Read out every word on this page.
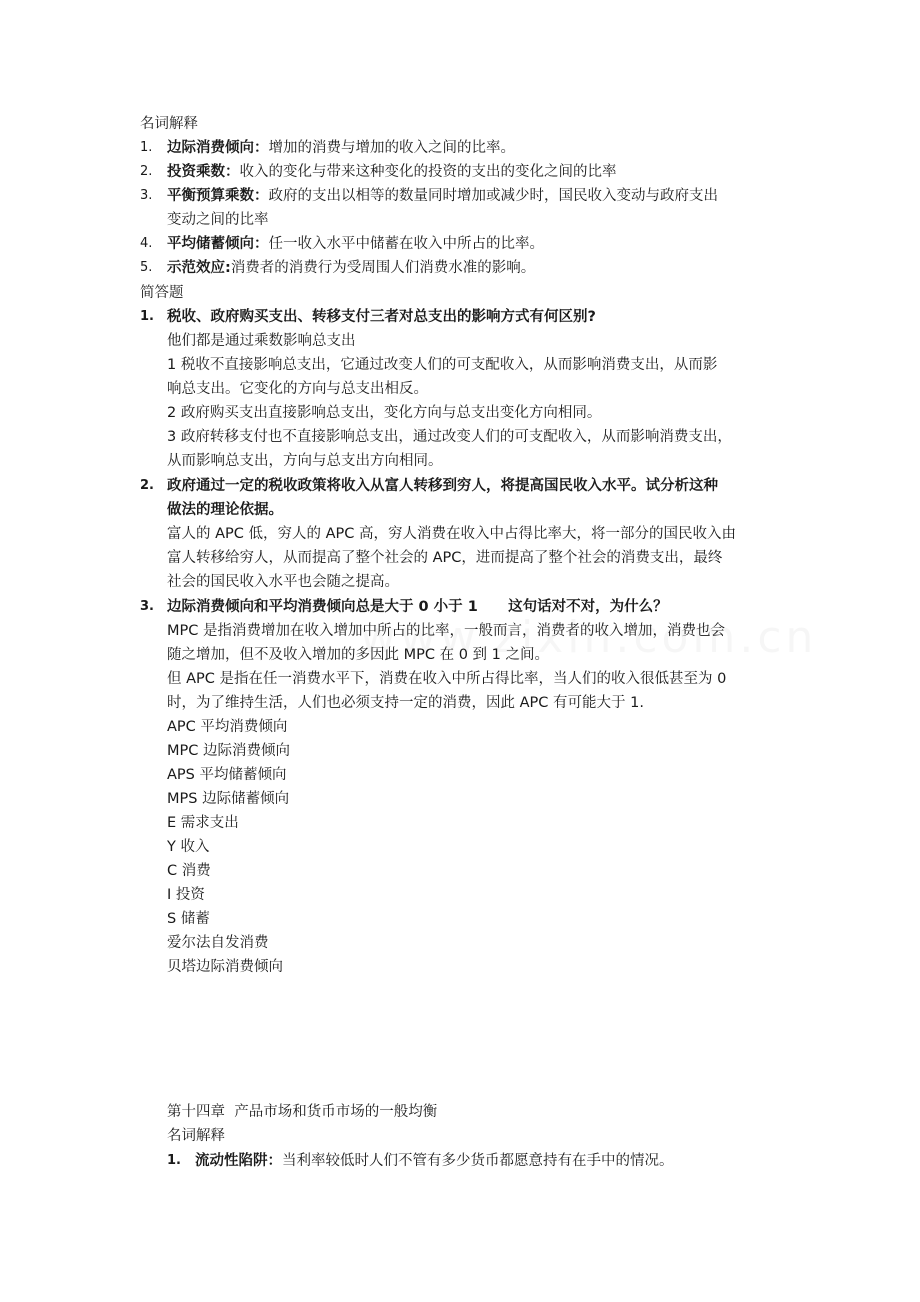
名词解释
1. 边际消费倾向：增加的消费与增加的收入之间的比率。
2. 投资乘数：收入的变化与带来这种变化的投资的支出的变化之间的比率
3. 平衡预算乘数：政府的支出以相等的数量同时增加或减少时，国民收入变动与政府支出
变动之间的比率
4. 平均储蓄倾向：任一收入水平中储蓄在收入中所占的比率。
5. 示范效应:消费者的消费行为受周围人们消费水准的影响。
简答题
1. 税收、政府购买支出、转移支付三者对总支出的影响方式有何区别?
他们都是通过乘数影响总支出
1 税收不直接影响总支出，它通过改变人们的可支配收入，从而影响消费支出，从而影
响总支出。它变化的方向与总支出相反。
2 政府购买支出直接影响总支出，变化方向与总支出变化方向相同。
3 政府转移支付也不直接影响总支出，通过改变人们的可支配收入，从而影响消费支出，
从而影响总支出，方向与总支出方向相同。
2. 政府通过一定的税收政策将收入从富人转移到穷人，将提高国民收入水平。试分析这种
做法的理论依据。
富人的 APC 低，穷人的 APC 高，穷人消费在收入中占得比率大，将一部分的国民收入由
富人转移给穷人，从而提高了整个社会的 APC，进而提高了整个社会的消费支出，最终
社会的国民收入水平也会随之提高。
3. 边际消费倾向和平均消费倾向总是大于 0 小于 1      这句话对不对，为什么？
MPC 是指消费增加在收入增加中所占的比率，一般而言，消费者的收入增加，消费也会
随之增加，但不及收入增加的多因此 MPC 在 0 到 1 之间。
但 APC 是指在任一消费水平下，消费在收入中所占得比率，当人们的收入很低甚至为 0
时，为了维持生活，人们也必须支持一定的消费，因此 APC 有可能大于 1.
APC 平均消费倾向
MPC 边际消费倾向
APS 平均储蓄倾向
MPS 边际储蓄倾向
E 需求支出
Y 收入
C 消费
I 投资
S 储蓄
爱尔法自发消费
贝塔边际消费倾向
第十四章  产品市场和货币市场的一般均衡
名词解释
1. 流动性陷阱：当利率较低时人们不管有多少货币都愿意持有在手中的情况。
